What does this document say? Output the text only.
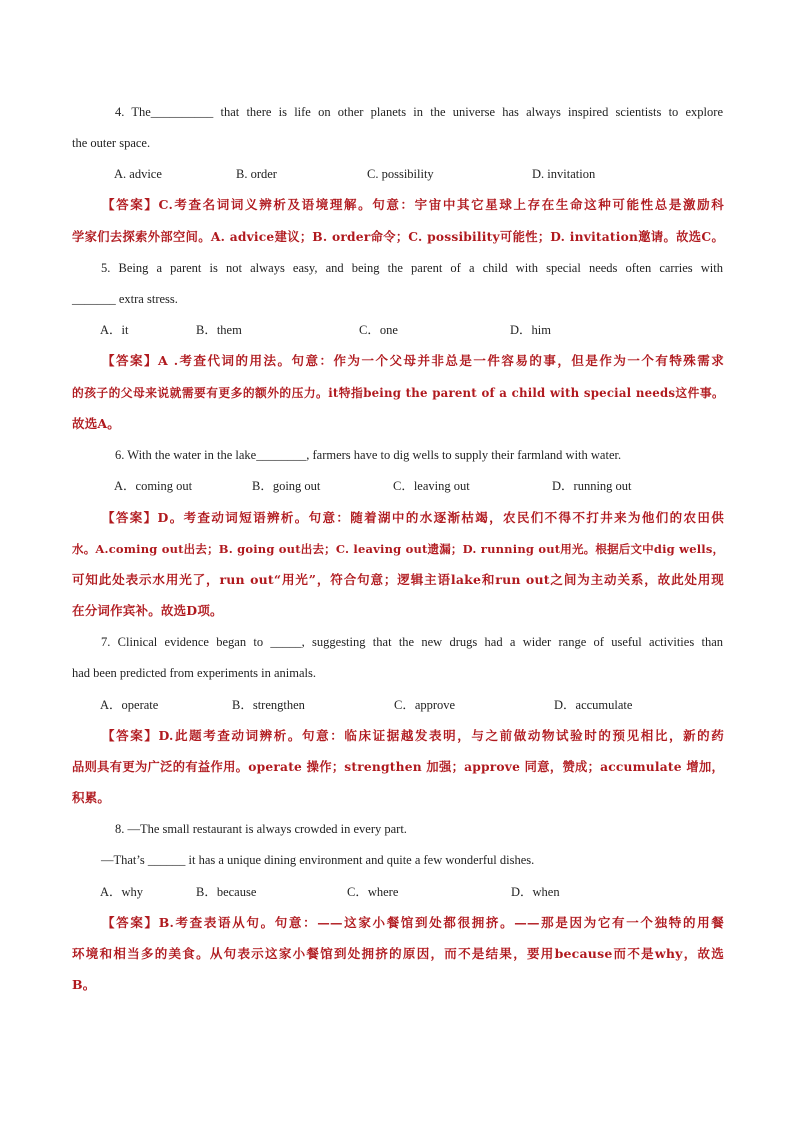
4. The__________ that there is life on other planets in the universe has always inspired scientists to explore
the outer space.
A. advice	B. order	C. possibility	D. invitation
【答案】C.考查名词词义辨析及语境理解。句意：宇宙中其它星球上存在生命这种可能性总是激励科
学家们去探索外部空间。A. advice建议；B. order命令；C. possibility可能性；D. invitation邀请。故选C。
5. Being a parent is not always easy, and being the parent of a child with special needs often carries with
_______ extra stress.
A．it	B．them	C．one	D．him
【答案】A .考查代词的用法。句意：作为一个父母并非总是一件容易的事，但是作为一个有特殊需求
的孩子的父母来说就需要有更多的额外的压力。it特指being the parent of a child with special needs这件事。
故选A。
6. With the water in the lake________, farmers have to dig wells to supply their farmland with water.
A．coming out	B．going out	C．leaving out	D．running out
【答案】D。考查动词短语辨析。句意：随着湖中的水逐渐枯竭，农民们不得不打井来为他们的农田供
水。A.coming out出去；B. going out出去；C. leaving out遗漏；D. running out用光。根据后文中dig wells，
可知此处表示水用光了，run out“用光”，符合句意；逻辑主语lake和run out之间为主动关系，故此处用现
在分词作宾补。故选D项。
7. Clinical evidence began to _____, suggesting that the new drugs had a wider range of useful activities than
had been predicted from experiments in animals.
A．operate	B．strengthen	C．approve	D．accumulate
【答案】D.此题考查动词辨析。句意：临床证据越发表明，与之前做动物试验时的预见相比，新的药
品则具有更为广泛的有益作用。operate 操作；strengthen 加强；approve 同意，赞成；accumulate 增加，
积累。
8. —The small restaurant is always crowded in every part.
—That’s ______ it has a unique dining environment and quite a few wonderful dishes.
A．why	B．because	C．where	D．when
【答案】B.考查表语从句。句意：——这家小餐馆到处都很拥挤。——那是因为它有一个独特的用餐
环境和相当多的美食。从句表示这家小餐馆到处拥挤的原因，而不是结果，要用because而不是why，故选
B。
